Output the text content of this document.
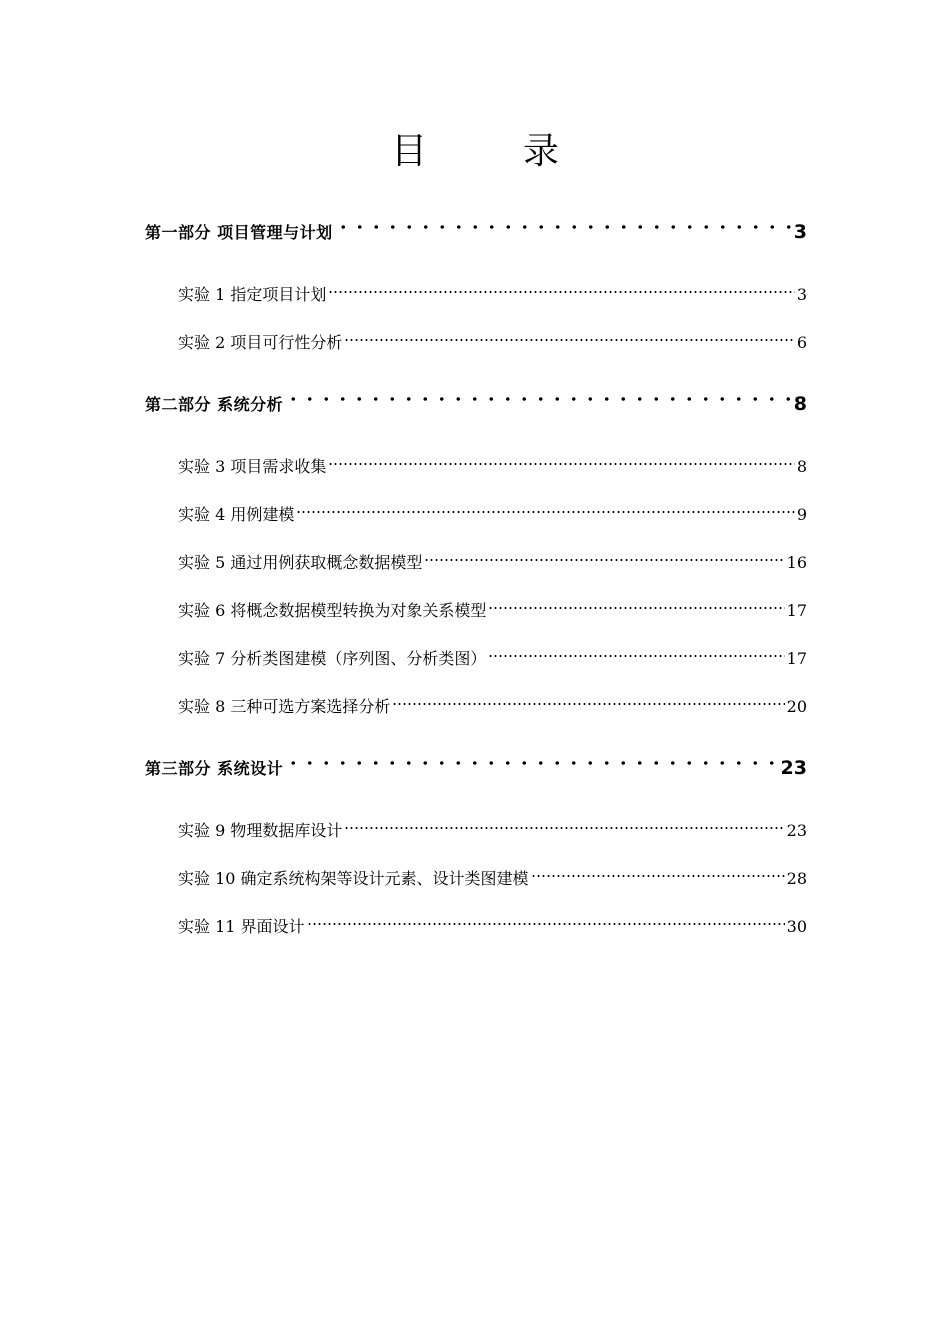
目　录
第一部分 项目管理与计划	3
实验 1 指定项目计划	3
实验 2 项目可行性分析	6
第二部分 系统分析	8
实验 3 项目需求收集	8
实验 4 用例建模	9
实验 5 通过用例获取概念数据模型	16
实验 6 将概念数据模型转换为对象关系模型	17
实验 7 分析类图建模（序列图、分析类图）	17
实验 8 三种可选方案选择分析	20
第三部分 系统设计	23
实验 9 物理数据库设计	23
实验 10 确定系统构架等设计元素、设计类图建模	28
实验 11 界面设计	30
